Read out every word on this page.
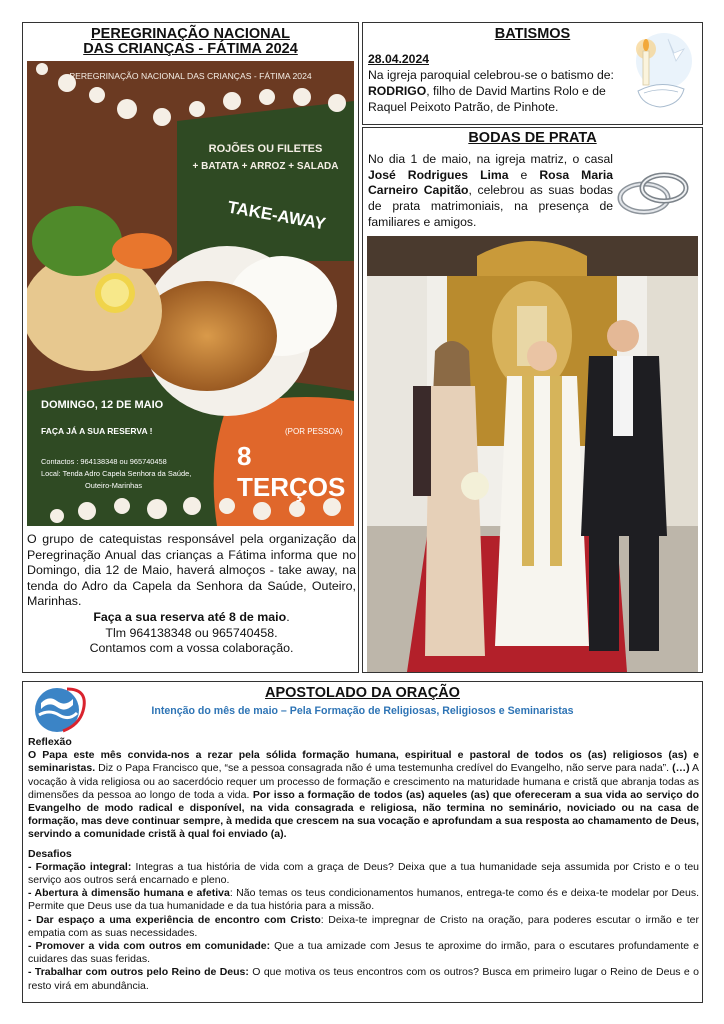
PEREGRINAÇÃO NACIONAL
DAS CRIANÇAS - FÁTIMA 2024
PEREGRINAÇÃO NACIONAL DAS CRIANÇAS - FÁTIMA 2024
ROJÕES OU FILETES
+ BATATA + ARROZ + SALADA
TAKE-AWAY
DOMINGO, 12 DE MAIO
FAÇA JÁ A SUA RESERVA !
Contactos : 964138348 ou 965740458
Local: Tenda Adro Capela Senhora da Saúde,
Outeiro-Marinhas
(POR PESSOA)
8 TERÇOS

O grupo de catequistas responsável pela organização da Peregrinação Anual das crianças a Fátima informa que no Domingo, dia 12 de Maio, haverá almoços - take away, na tenda do Adro da Capela da Senhora da Saúde, Outeiro, Marinhas.

Faça a sua reserva até 8 de maio.

Tlm 964138348 ou 965740458.

Contamos com a vossa colaboração.

BATISMOS
28.04.2024
Na igreja paroquial celebrou-se o batismo de:
RODRIGO, filho de David Martins Rolo e de Raquel Peixoto Patrão, de Pinhote.
BODAS DE PRATA
No dia 1 de maio, na igreja matriz, o casal José Rodrigues Lima e Rosa Maria Carneiro Capitão, celebrou as suas bodas de prata matrimoniais, na presença de familiares e amigos.
APOSTOLADO DA ORAÇÃO
Intenção do mês de maio – Pela Formação de Religiosas, Religiosos e Seminaristas
Reflexão

O Papa este mês convida-nos a rezar pela sólida formação humana, espiritual e pastoral de todos os (as) religiosos (as) e seminaristas. Diz o Papa Francisco que, “se a pessoa consagrada não é uma testemunha credível do Evangelho, não serve para nada”. (…) A vocação à vida religiosa ou ao sacerdócio requer um processo de formação e crescimento na maturidade humana e cristã que abranja todas as dimensões da pessoa ao longo de toda a vida. Por isso a formação de todos (as) aqueles (as) que ofereceram a sua vida ao serviço do Evangelho de modo radical e disponível, na vida consagrada e religiosa, não termina no seminário, noviciado ou na casa de formação, mas deve continuar sempre, à medida que crescem na sua vocação e aprofundam a sua resposta ao chamamento de Deus, servindo a comunidade cristã à qual foi enviado (a).

Desafios
- Formação integral: Integras a tua história de vida com a graça de Deus? Deixa que a tua humanidade seja assumida por Cristo e o teu serviço aos outros será encarnado e pleno.
- Abertura à dimensão humana e afetiva: Não temas os teus condicionamentos humanos, entrega-te como és e deixa-te modelar por Deus. Permite que Deus use da tua humanidade e da tua história para a missão.
- Dar espaço a uma experiência de encontro com Cristo: Deixa-te impregnar de Cristo na oração, para poderes escutar o irmão e ter empatia com as suas necessidades.
- Promover a vida com outros em comunidade: Que a tua amizade com Jesus te aproxime do irmão, para o escutares profundamente e cuidares das suas feridas.
- Trabalhar com outros pelo Reino de Deus: O que motiva os teus encontros com os outros? Busca em primeiro lugar o Reino de Deus e o resto virá em abundância.
